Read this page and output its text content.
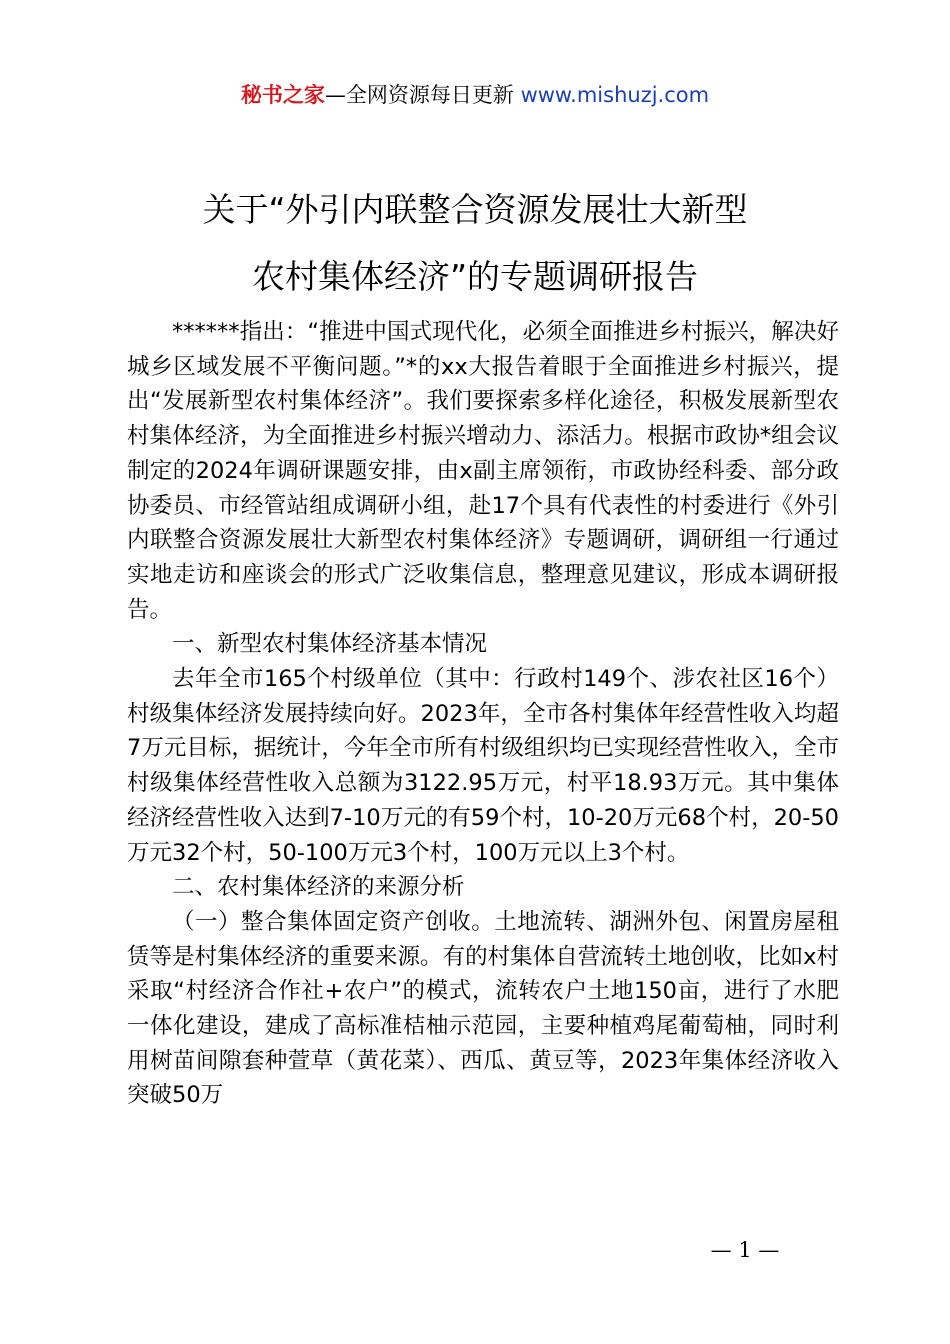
秘书之家—全网资源每日更新 www.mishuzj.com
关于“外引内联整合资源发展壮大新型
农村集体经济”的专题调研报告

******指出：“推进中国式现代化，必须全面推进乡村振兴，解决好城乡区域发展不平衡问题。”*的xx大报告着眼于全面推进乡村振兴，提出“发展新型农村集体经济”。我们要探索多样化途径，积极发展新型农村集体经济，为全面推进乡村振兴增动力、添活力。根据市政协*组会议制定的2024年调研课题安排，由x副主席领衔，市政协经科委、部分政协委员、市经管站组成调研小组，赴17个具有代表性的村委进行《外引内联整合资源发展壮大新型农村集体经济》专题调研，调研组一行通过实地走访和座谈会的形式广泛收集信息，整理意见建议，形成本调研报告。

一、新型农村集体经济基本情况

去年全市165个村级单位（其中：行政村149个、涉农社区16个）村级集体经济发展持续向好。2023年，全市各村集体年经营性收入均超7万元目标，据统计，今年全市所有村级组织均已实现经营性收入，全市村级集体经营性收入总额为3122.95万元，村平18.93万元。其中集体经济经营性收入达到7-10万元的有59个村，10-20万元68个村，20-50万元32个村，50-100万元3个村，100万元以上3个村。

二、农村集体经济的来源分析

（一）整合集体固定资产创收。土地流转、湖洲外包、闲置房屋租赁等是村集体经济的重要来源。有的村集体自营流转土地创收，比如x村采取“村经济合作社+农户”的模式，流转农户土地150亩，进行了水肥一体化建设，建成了高标准桔柚示范园，主要种植鸡尾葡萄柚，同时利用树苗间隙套种萱草（黄花菜）、西瓜、黄豆等，2023年集体经济收入突破50万

— 1 —
